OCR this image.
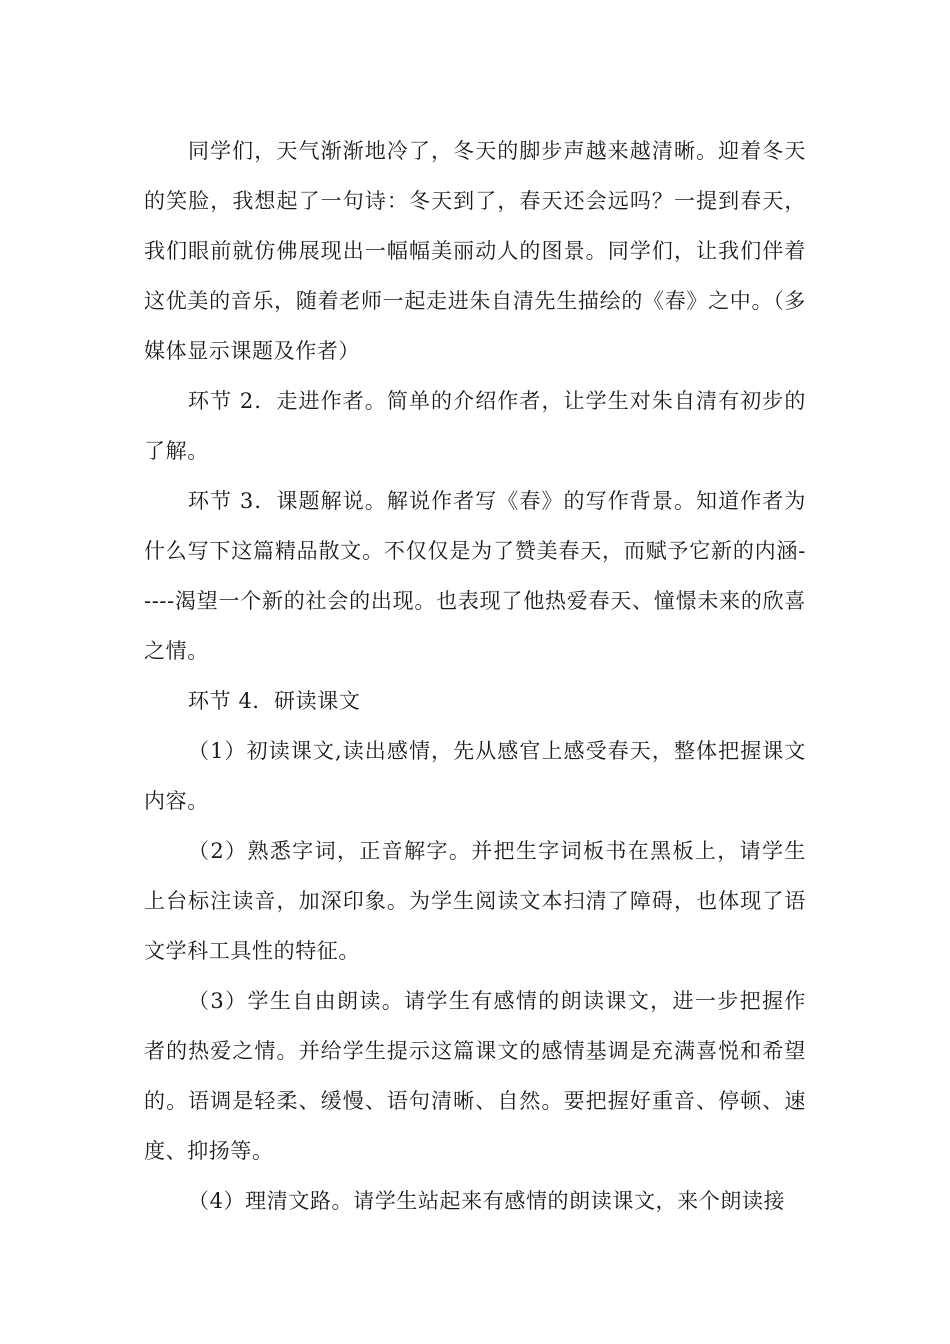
同学们，天气渐渐地冷了，冬天的脚步声越来越清晰。迎着冬天的笑脸，我想起了一句诗：冬天到了，春天还会远吗？一提到春天，我们眼前就仿佛展现出一幅幅美丽动人的图景。同学们，让我们伴着这优美的音乐，随着老师一起走进朱自清先生描绘的《春》之中。（多媒体显示课题及作者）

环节 2．走进作者。简单的介绍作者，让学生对朱自清有初步的了解。

环节 3．课题解说。解说作者写《春》的写作背景。知道作者为什么写下这篇精品散文。不仅仅是为了赞美春天，而赋予它新的内涵-----渴望一个新的社会的出现。也表现了他热爱春天、憧憬未来的欣喜之情。

环节 4．研读课文

（1）初读课文,读出感情，先从感官上感受春天，整体把握课文内容。

（2）熟悉字词，正音解字。并把生字词板书在黑板上，请学生上台标注读音，加深印象。为学生阅读文本扫清了障碍，也体现了语文学科工具性的特征。

（3）学生自由朗读。请学生有感情的朗读课文，进一步把握作者的热爱之情。并给学生提示这篇课文的感情基调是充满喜悦和希望的。语调是轻柔、缓慢、语句清晰、自然。要把握好重音、停顿、速度、抑扬等。

（4）理清文路。请学生站起来有感情的朗读课文，来个朗读接
